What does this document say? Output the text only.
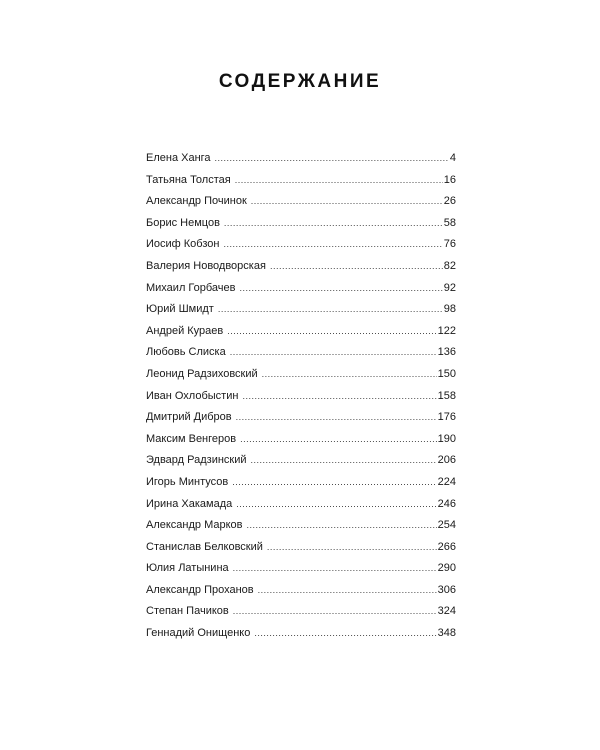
СОДЕРЖАНИЕ
Елена Ханга .....	4
Татьяна Толстая .....	16
Александр Починок .....	26
Борис Немцов .....	58
Иосиф Кобзон .....	76
Валерия Новодворская .....	82
Михаил Горбачев .....	92
Юрий Шмидт .....	98
Андрей Кураев .....	122
Любовь Слиска .....	136
Леонид Радзиховский .....	150
Иван Охлобыстин .....	158
Дмитрий Дибров .....	176
Максим Венгеров .....	190
Эдвард Радзинский .....	206
Игорь Минтусов .....	224
Ирина Хакамада .....	246
Александр Марков .....	254
Станислав Белковский .....	266
Юлия Латынина .....	290
Александр Проханов .....	306
Степан Пачиков .....	324
Геннадий Онищенко .....	348
